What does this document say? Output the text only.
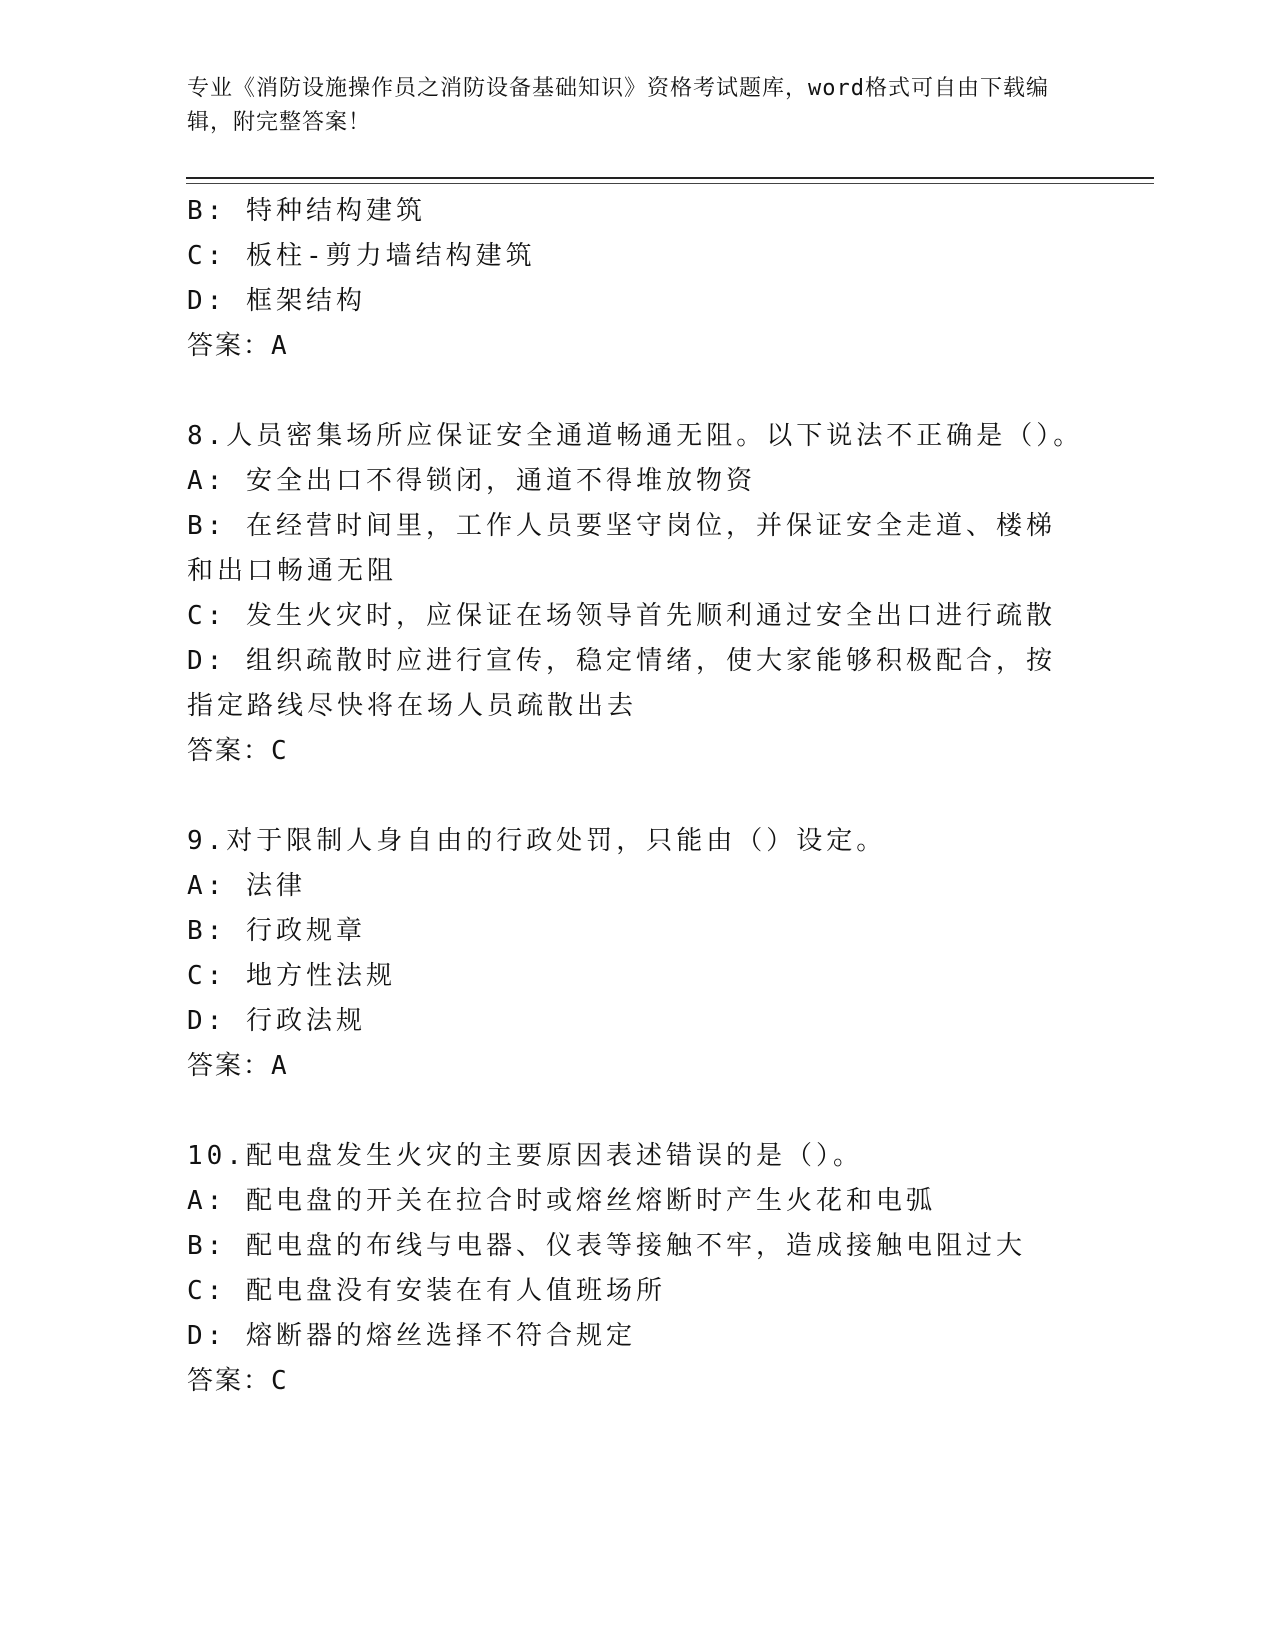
专业《消防设施操作员之消防设备基础知识》资格考试题库，word格式可自由下载编辑，附完整答案！
B: 特种结构建筑
C: 板柱-剪力墙结构建筑
D: 框架结构
答案：A
8.人员密集场所应保证安全通道畅通无阻。以下说法不正确是（）。
A: 安全出口不得锁闭，通道不得堆放物资
B: 在经营时间里，工作人员要坚守岗位，并保证安全走道、楼梯和出口畅通无阻
C: 发生火灾时，应保证在场领导首先顺利通过安全出口进行疏散
D: 组织疏散时应进行宣传，稳定情绪，使大家能够积极配合，按指定路线尽快将在场人员疏散出去
答案：C
9.对于限制人身自由的行政处罚，只能由（）设定。
A: 法律
B: 行政规章
C: 地方性法规
D: 行政法规
答案：A
10.配电盘发生火灾的主要原因表述错误的是（）。
A: 配电盘的开关在拉合时或熔丝熔断时产生火花和电弧
B: 配电盘的布线与电器、仪表等接触不牢，造成接触电阻过大
C: 配电盘没有安装在有人值班场所
D: 熔断器的熔丝选择不符合规定
答案：C
